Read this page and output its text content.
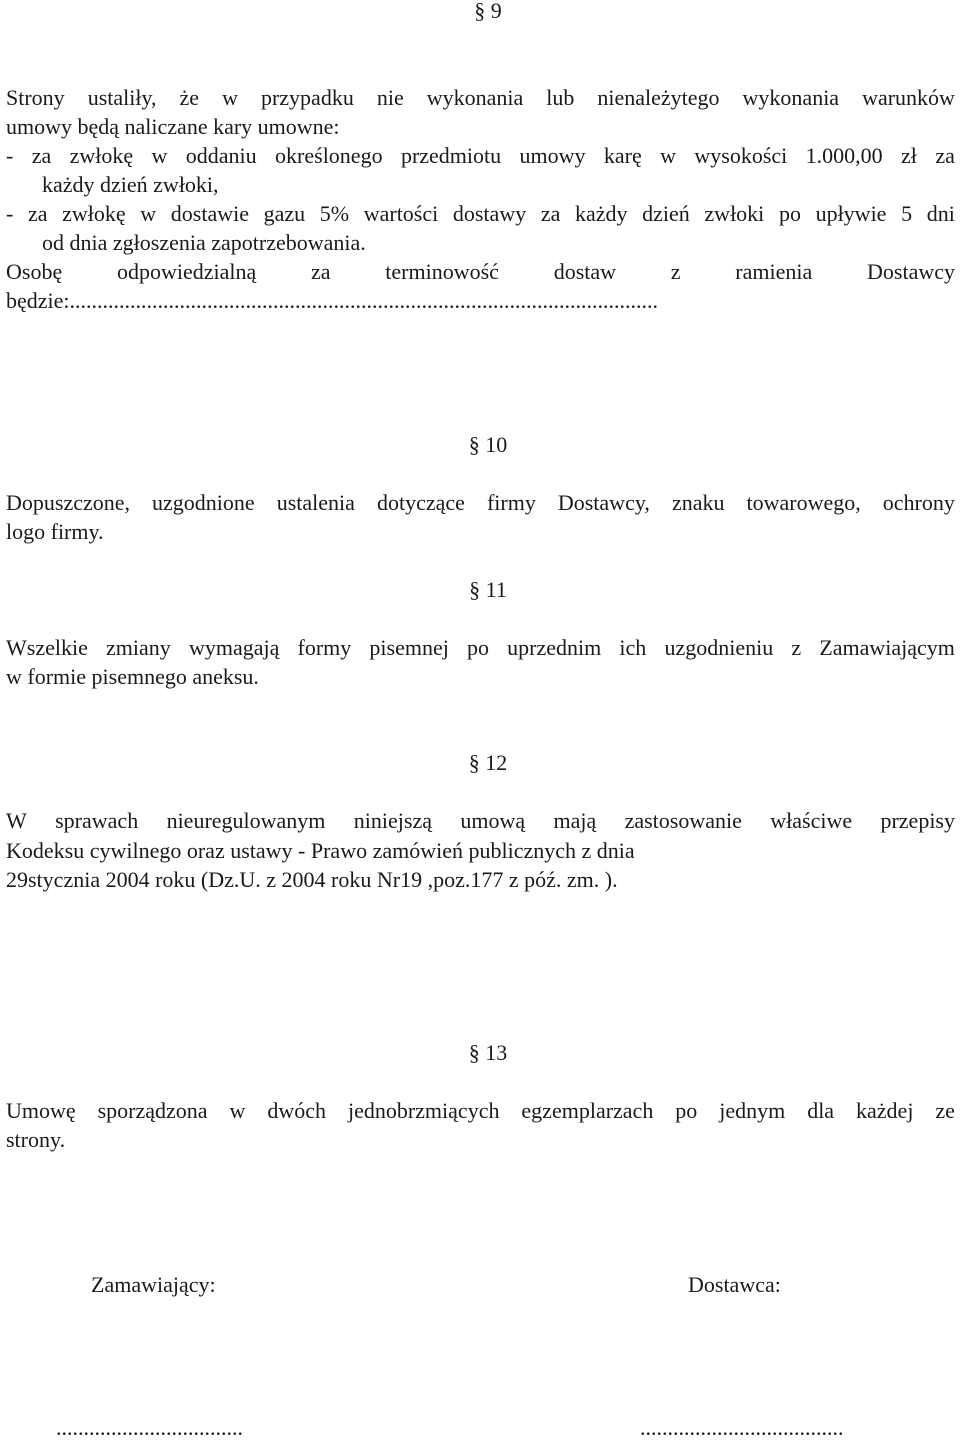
§ 9
Strony ustaliły, że w przypadku nie wykonania lub nienależytego wykonania warunków
umowy będą naliczane kary umowne:
- za zwłokę w oddaniu określonego przedmiotu umowy karę w wysokości 1.000,00 zł za
każdy dzień zwłoki,
- za zwłokę w dostawie gazu 5% wartości dostawy za każdy dzień zwłoki po upływie 5 dni
od dnia zgłoszenia zapotrzebowania.
Osobę odpowiedzialną za terminowość dostaw z ramienia Dostawcy
będzie:...........................................................................................................
§ 10
Dopuszczone, uzgodnione ustalenia dotyczące firmy Dostawcy, znaku towarowego, ochrony
logo firmy.
§ 11
Wszelkie zmiany wymagają formy pisemnej po uprzednim ich uzgodnieniu z Zamawiającym
w formie pisemnego aneksu.
§ 12
W sprawach nieuregulowanym niniejszą umową mają zastosowanie właściwe przepisy
Kodeksu cywilnego oraz ustawy - Prawo zamówień publicznych z dnia
29stycznia 2004 roku (Dz.U. z 2004 roku Nr19 ,poz.177 z póź. zm. ).
§ 13
Umowę sporządzona w dwóch jednobrzmiących egzemplarzach po jednym dla każdej ze
strony.
Zamawiający:	Dostawca:
..................................	.....................................
